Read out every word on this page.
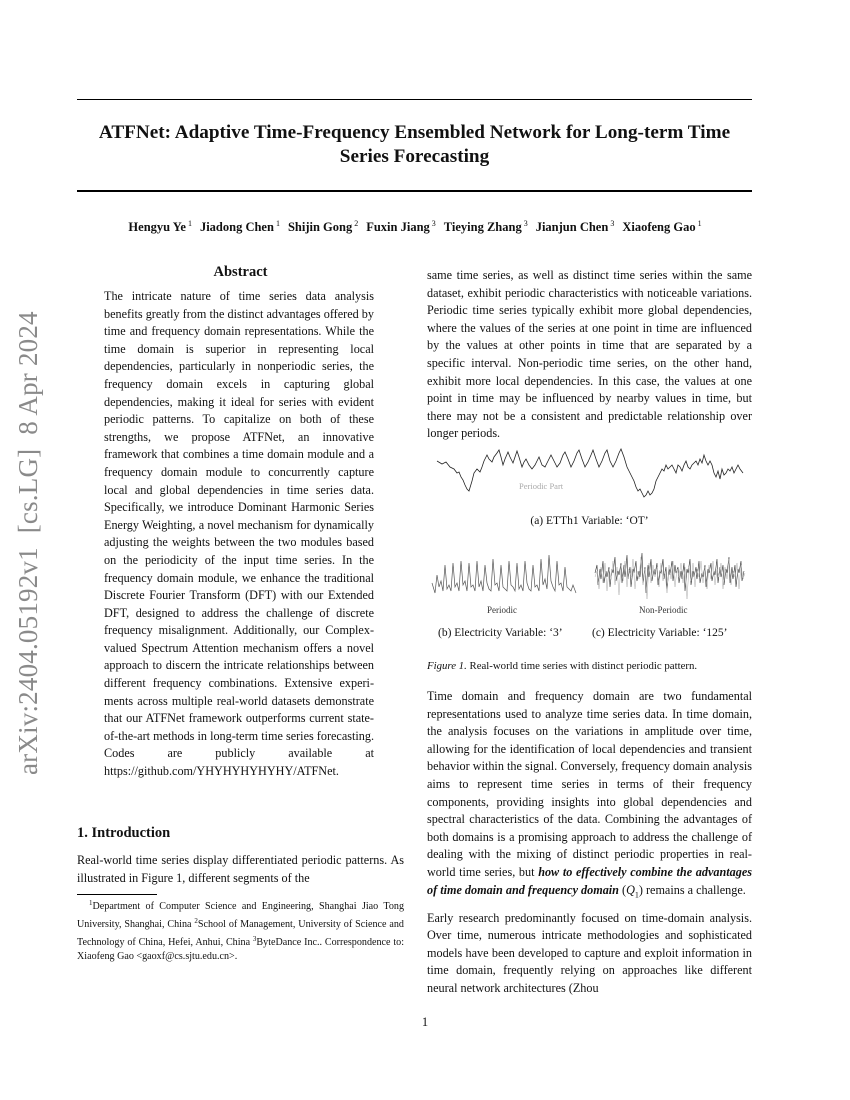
ATFNet: Adaptive Time-Frequency Ensembled Network for Long-term Time Series Forecasting
Hengyu Ye $^1$ Jiadong Chen $^1$ Shijin Gong $^2$ Fuxin Jiang $^3$ Tieying Zhang $^3$ Jianjun Chen $^3$ Xiaofeng Gao $^1$
arXiv:2404.05192v1  [cs.LG]  8 Apr 2024
Abstract
The intricate nature of time series data analysis benefits greatly from the distinct advantages offered by time and frequency domain representations. While the time domain is superior in representing local dependencies, particularly in nonperiodic series, the frequency domain excels in capturing global dependencies, making it ideal for series with evident periodic patterns. To capitalize on both of these strengths, we propose ATFNet, an innovative framework that combines a time domain module and a frequency domain module to concurrently capture local and global dependencies in time series data. Specifically, we introduce Dominant Harmonic Series Energy Weighting, a novel mechanism for dynamically adjusting the weights between the two modules based on the periodicity of the input time series. In the frequency domain module, we enhance the traditional Discrete Fourier Transform (DFT) with our Extended DFT, designed to address the challenge of discrete frequency misalignment. Additionally, our Complex-valued Spectrum Attention mechanism offers a novel approach to discern the intricate relationships between different frequency combinations. Extensive experiments across multiple real-world datasets demonstrate that our ATFNet framework outperforms current state-of-the-art methods in long-term time series forecasting. Codes are publicly available at https://github.com/YHYHYHYHYHY/ATFNet.
1. Introduction
Real-world time series display differentiated periodic patterns. As illustrated in Figure 1, different segments of the
$^1$Department of Computer Science and Engineering, Shanghai Jiao Tong University, Shanghai, China $^2$School of Management, University of Science and Technology of China, Hefei, Anhui, China $^3$ByteDance Inc.. Correspondence to: Xiaofeng Gao <gaoxf@cs.sjtu.edu.cn>.

same time series, as well as distinct time series within the same dataset, exhibit periodic characteristics with noticeable variations. Periodic time series typically exhibit more global dependencies, where the values of the series at one point in time are influenced by the values at other points in time that are separated by a specific interval. Non-periodic time series, on the other hand, exhibit more local dependencies. In this case, the values at one point in time may be influenced by nearby values in time, but there may not be a consistent and predictable relationship over longer periods.

Periodic Part
(a) ETTh1 Variable: ‘OT’
Periodic	Non-Periodic
(b) Electricity Variable: ‘3’	(c) Electricity Variable: ‘125’
Figure 1. Real-world time series with distinct periodic pattern.

Time domain and frequency domain are two fundamental representations used to analyze time series data. In time domain, the analysis focuses on the variations in amplitude over time, allowing for the identification of local dependencies and transient behavior within the signal. Conversely, frequency domain analysis aims to represent time series in terms of their frequency components, providing insights into global dependencies and spectral characteristics of the data. Combining the advantages of both domains is a promising approach to address the challenge of dealing with the mixing of distinct periodic properties in real-world time series, but how to effectively combine the advantages of time domain and frequency domain $(Q_1)$ remains a challenge.

Early research predominantly focused on time-domain analysis. Over time, numerous intricate methodologies and sophisticated models have been developed to capture and exploit information in time domain, frequently relying on approaches like different neural network architectures (Zhou

1
